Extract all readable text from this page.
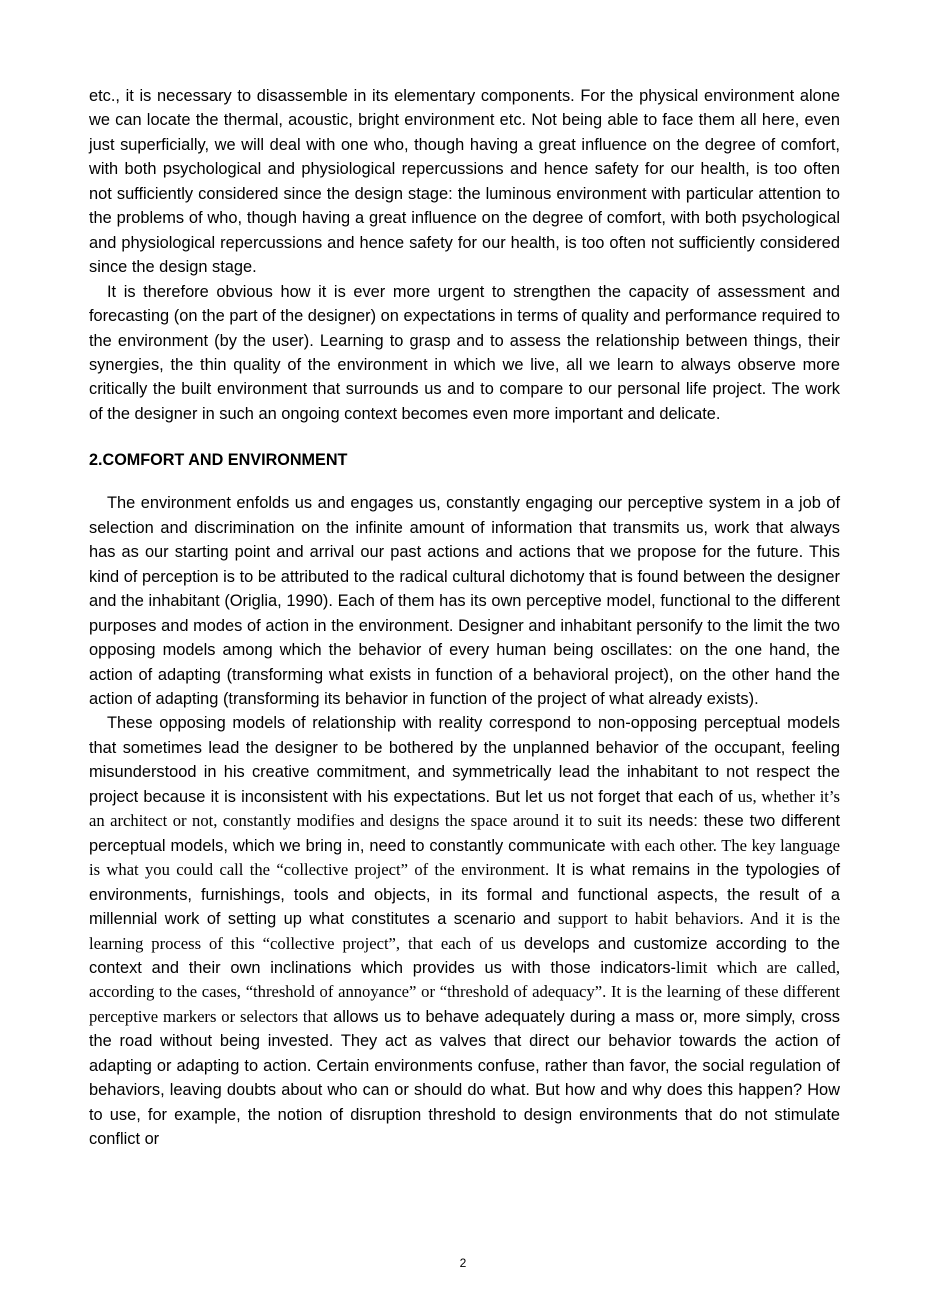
etc., it is necessary to disassemble in its elementary components. For the physical environment alone we can locate the thermal, acoustic, bright environment etc. Not being able to face them all here, even just superficially, we will deal with one who, though having a great influence on the degree of comfort, with both psychological and physiological repercussions and hence safety for our health, is too often not sufficiently considered since the design stage: the luminous environment with particular attention to the problems of who, though having a great influence on the degree of comfort, with both psychological and physiological repercussions and hence safety for our health, is too often not sufficiently considered since the design stage.

It is therefore obvious how it is ever more urgent to strengthen the capacity of assessment and forecasting (on the part of the designer) on expectations in terms of quality and performance required to the environment (by the user). Learning to grasp and to assess the relationship between things, their synergies, the thin quality of the environment in which we live, all we learn to always observe more critically the built environment that surrounds us and to compare to our personal life project. The work of the designer in such an ongoing context becomes even more important and delicate.

2.COMFORT AND ENVIRONMENT

The environment enfolds us and engages us, constantly engaging our perceptive system in a job of selection and discrimination on the infinite amount of information that transmits us, work that always has as our starting point and arrival our past actions and actions that we propose for the future. This kind of perception is to be attributed to the radical cultural dichotomy that is found between the designer and the inhabitant (Origlia, 1990). Each of them has its own perceptive model, functional to the different purposes and modes of action in the environment. Designer and inhabitant personify to the limit the two opposing models among which the behavior of every human being oscillates: on the one hand, the action of adapting (transforming what exists in function of a behavioral project), on the other hand the action of adapting (transforming its behavior in function of the project of what already exists).

These opposing models of relationship with reality correspond to non-opposing perceptual models that sometimes lead the designer to be bothered by the unplanned behavior of the occupant, feeling misunderstood in his creative commitment, and symmetrically lead the inhabitant to not respect the project because it is inconsistent with his expectations. But let us not forget that each of us, whether it’s an architect or not, constantly modifies and designs the space around it to suit its needs: these two different perceptual models, which we bring in, need to constantly communicate with each other. The key language is what you could call the “collective project” of the environment. It is what remains in the typologies of environments, furnishings, tools and objects, in its formal and functional aspects, the result of a millennial work of setting up what constitutes a scenario and support to habit behaviors. And it is the learning process of this “collective project”, that each of us develops and customize according to the context and their own inclinations which provides us with those indicators-limit which are called, according to the cases, “threshold of annoyance” or “threshold of adequacy”. It is the learning of these different perceptive markers or selectors that allows us to behave adequately during a mass or, more simply, cross the road without being invested. They act as valves that direct our behavior towards the action of adapting or adapting to action. Certain environments confuse, rather than favor, the social regulation of behaviors, leaving doubts about who can or should do what. But how and why does this happen? How to use, for example, the notion of disruption threshold to design environments that do not stimulate conflict or

2
